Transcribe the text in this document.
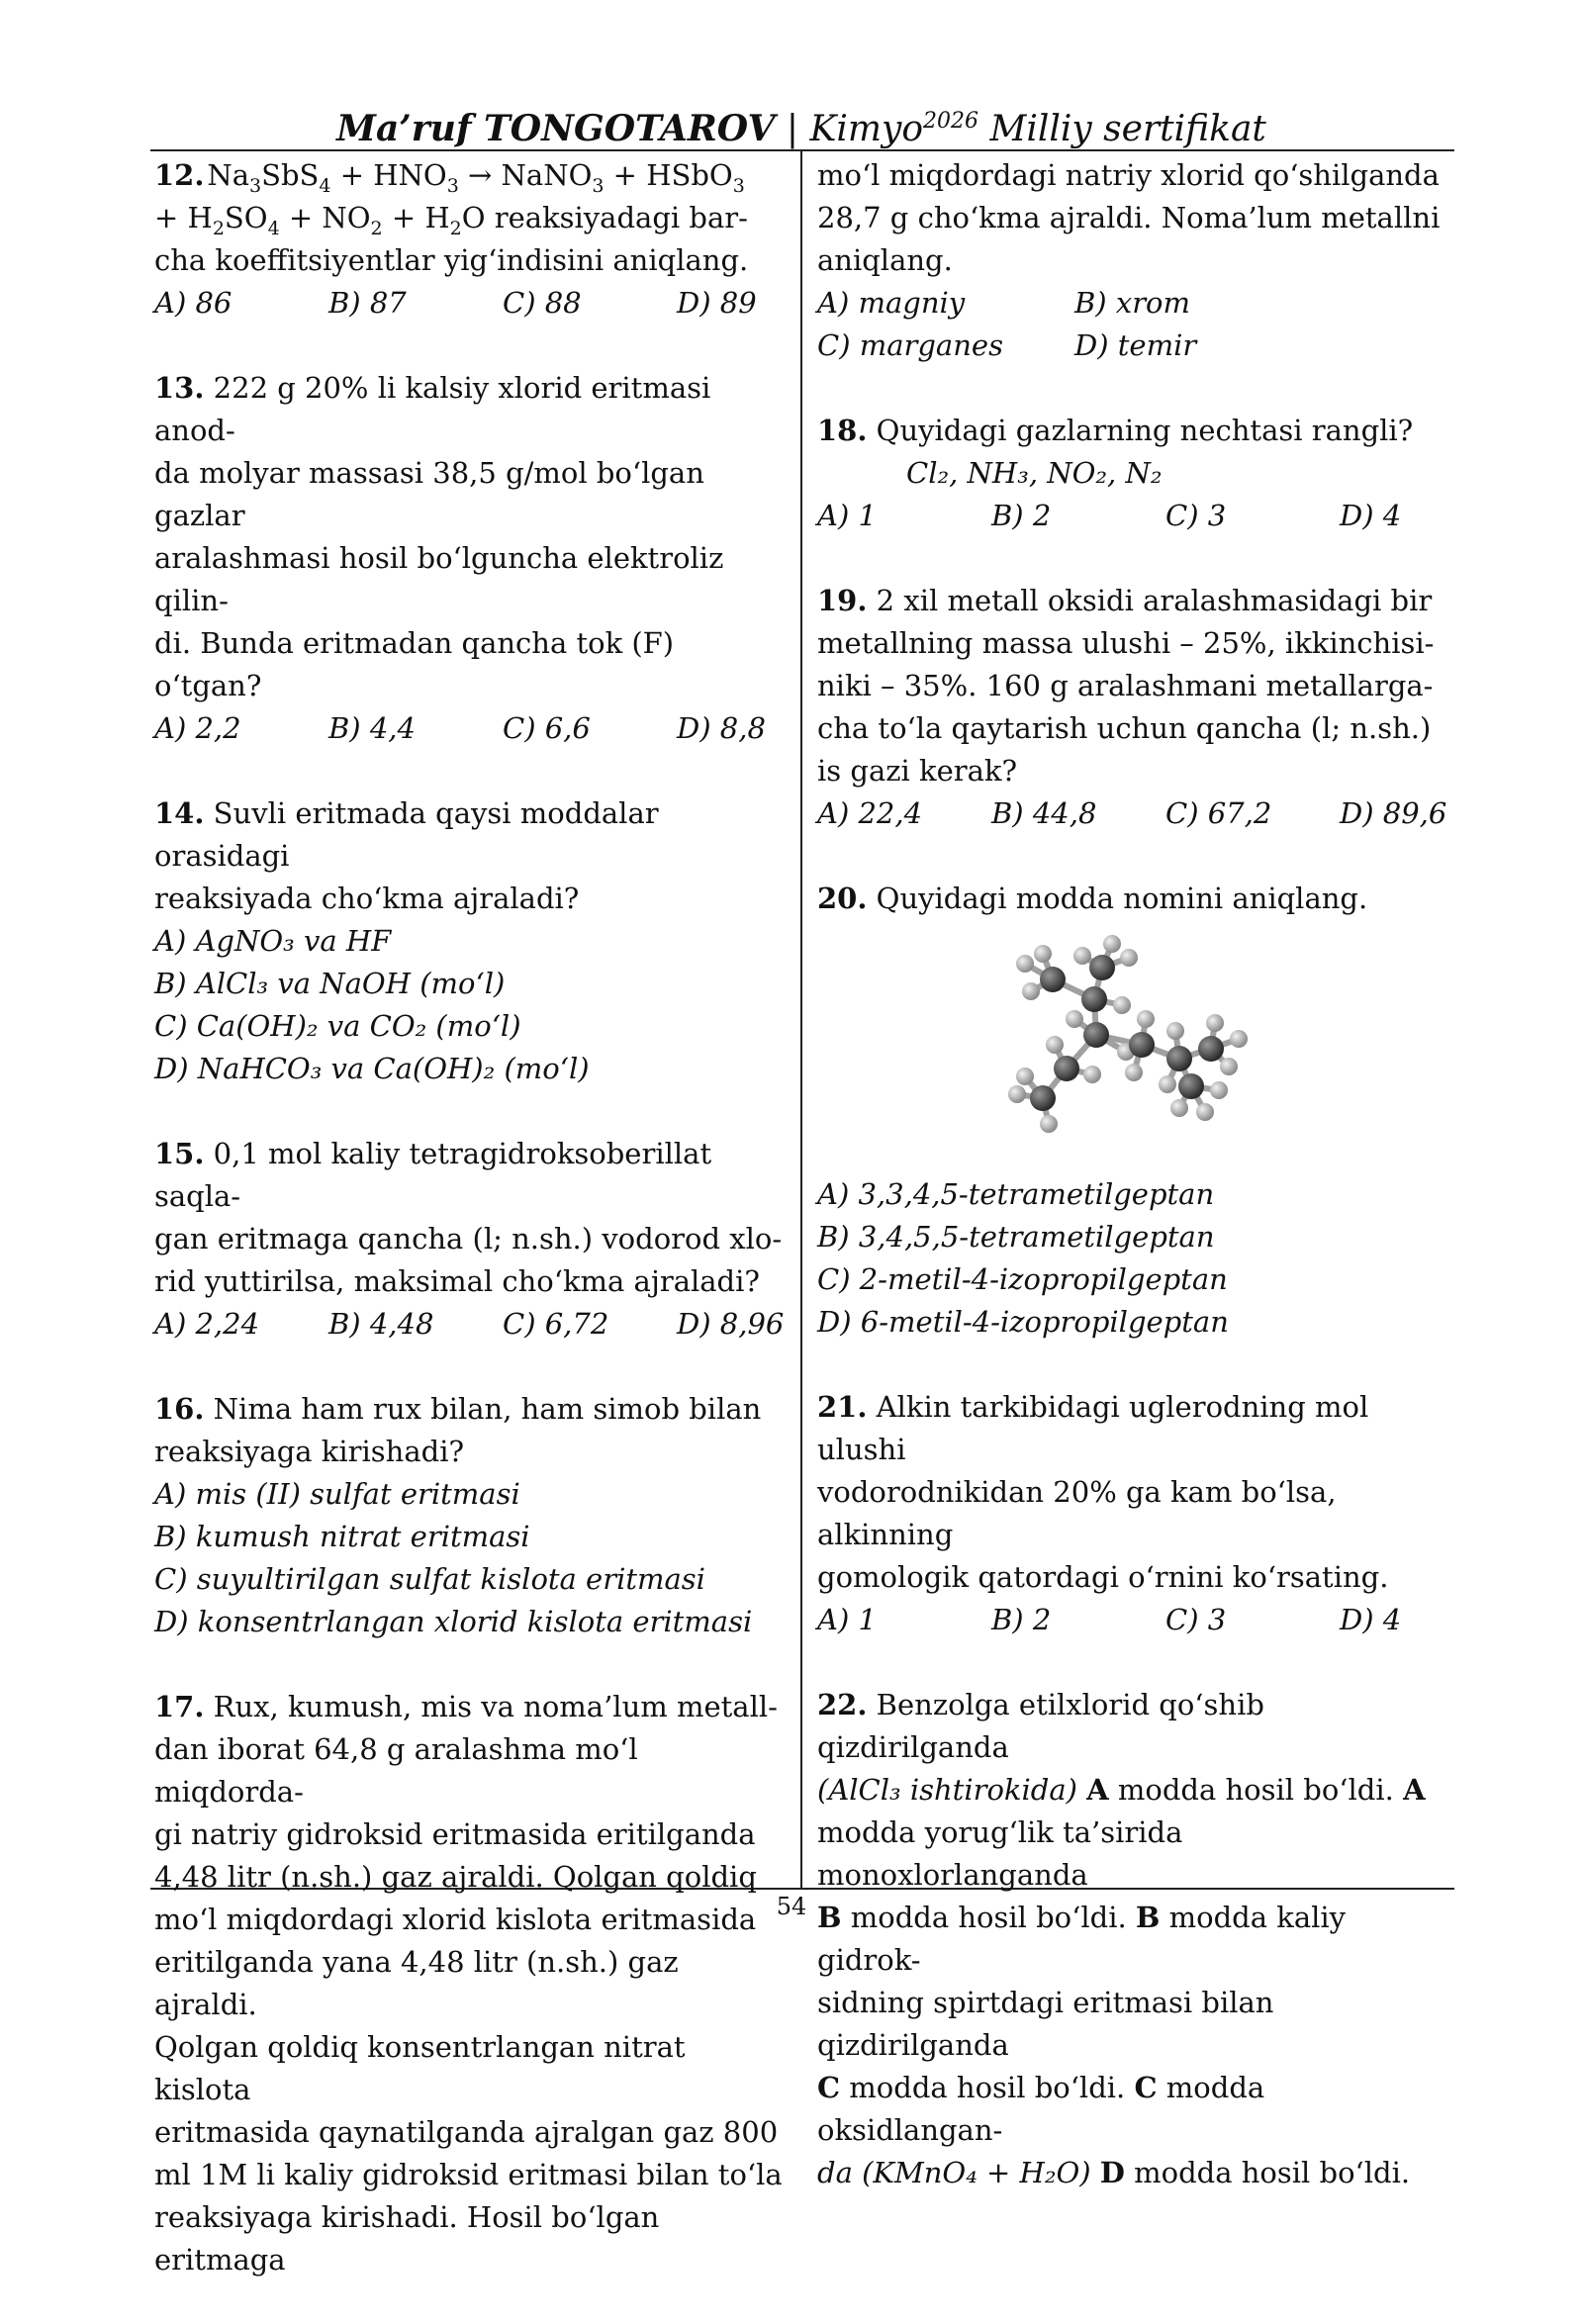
Ma’ruf TONGOTAROV | Kimyo$^{2026}$ Milliy sertifikat
54

12. $Na_3SbS_4 + HNO_3$ → NaNO$_3$ + HSbO$_3$

+ $H_2SO_4 + NO_2 + H_2O$ reaksiyadagi bar-

cha koeffitsiyentlar yig‘indisini aniqlang.

A) 86	B) 87	C) 88	D) 89

13. 222 g 20% li kalsiy xlorid eritmasi anod-

da molyar massasi 38,5 g/mol bo‘lgan gazlar

aralashmasi hosil bo‘lguncha elektroliz qilin-

di. Bunda eritmadan qancha tok (F) o‘tgan?

A) 2,2	B) 4,4	C) 6,6	D) 8,8

14. Suvli eritmada qaysi moddalar orasidagi

reaksiyada cho‘kma ajraladi?

A) AgNO₃ va HF

B) AlCl₃ va NaOH (mo‘l)

C) Ca(OH)₂ va CO₂ (mo‘l)

D) NaHCO₃ va Ca(OH)₂ (mo‘l)

15. 0,1 mol kaliy tetragidroksoberillat saqla-

gan eritmaga qancha (l; n.sh.) vodorod xlo-

rid yuttirilsa, maksimal cho‘kma ajraladi?

A) 2,24	B) 4,48	C) 6,72	D) 8,96

16. Nima ham rux bilan, ham simob bilan

reaksiyaga kirishadi?

A) mis (II) sulfat eritmasi

B) kumush nitrat eritmasi

C) suyultirilgan sulfat kislota eritmasi

D) konsentrlangan xlorid kislota eritmasi

17. Rux, kumush, mis va noma’lum metall-

dan iborat 64,8 g aralashma mo‘l miqdorda-

gi natriy gidroksid eritmasida eritilganda

4,48 litr (n.sh.) gaz ajraldi. Qolgan qoldiq

mo‘l miqdordagi xlorid kislota eritmasida

eritilganda yana 4,48 litr (n.sh.) gaz ajraldi.

Qolgan qoldiq konsentrlangan nitrat kislota

eritmasida qaynatilganda ajralgan gaz 800

ml 1M li kaliy gidroksid eritmasi bilan to‘la

reaksiyaga kirishadi. Hosil bo‘lgan eritmaga

mo‘l miqdordagi natriy xlorid qo‘shilganda

28,7 g cho‘kma ajraldi. Noma’lum metallni

aniqlang.

A) magniy	B) xrom
C) marganes	D) temir

18. Quyidagi gazlarning nechtasi rangli?

Cl₂, NH₃, NO₂, N₂

A) 1	B) 2	C) 3	D) 4

19. 2 xil metall oksidi aralashmasidagi bir

metallning massa ulushi – 25%, ikkinchisi-

niki – 35%. 160 g aralashmani metallarga-

cha to‘la qaytarish uchun qancha (l; n.sh.)

is gazi kerak?

A) 22,4	B) 44,8	C) 67,2	D) 89,6

20. Quyidagi modda nomini aniqlang.

A) 3,3,4,5-tetrametilgeptan

B) 3,4,5,5-tetrametilgeptan

C) 2-metil-4-izopropilgeptan

D) 6-metil-4-izopropilgeptan

21. Alkin tarkibidagi uglerodning mol ulushi

vodorodnikidan 20% ga kam bo‘lsa, alkinning

gomologik qatordagi o‘rnini ko‘rsating.

A) 1	B) 2	C) 3	D) 4

22. Benzolga etilxlorid qo‘shib qizdirilganda

(AlCl₃ ishtirokida) A modda hosil bo‘ldi. A

modda yorug‘lik ta’sirida monoxlorlanganda

B modda hosil bo‘ldi. B modda kaliy gidrok-

sidning spirtdagi eritmasi bilan qizdirilganda

C modda hosil bo‘ldi. C modda oksidlangan-

da (KMnO₄ + H₂O) D modda hosil bo‘ldi.
